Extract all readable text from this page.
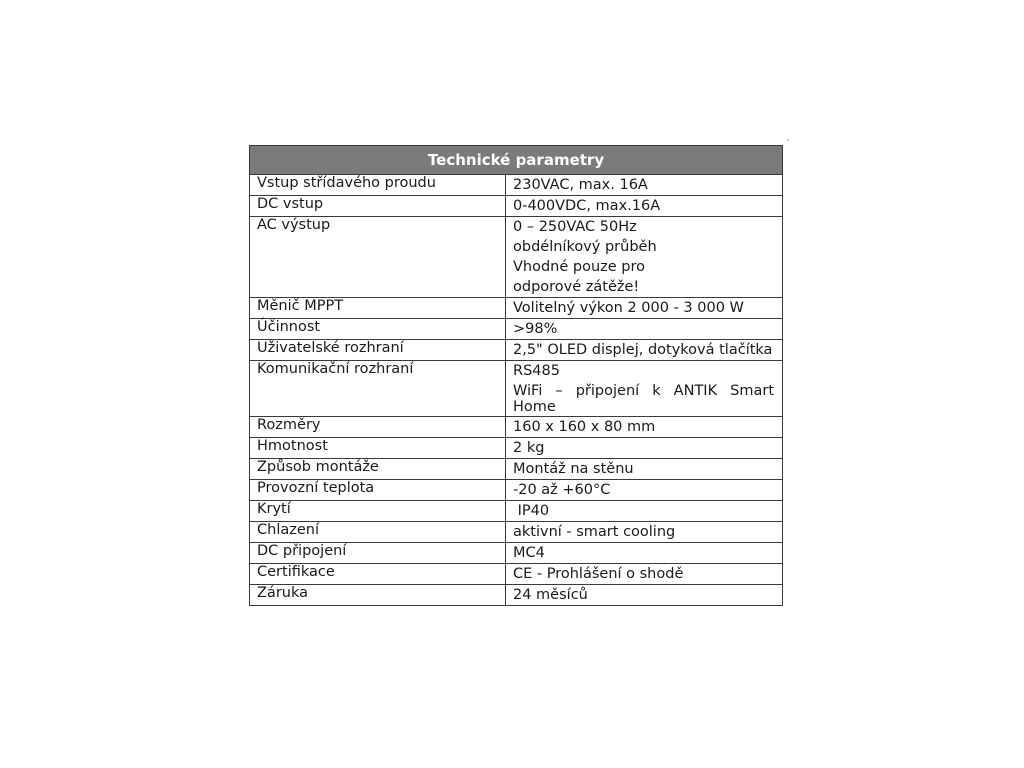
Technické parametry	
Vstup střídavého proudu	230VAC, max. 16A

DC vstup	0-400VDC, max.16A

AC výstup	0 – 250VAC 50Hz
obdélníkový průběh
Vhodné pouze pro
odporové zátěže!

Měnič MPPT	Volitelný výkon 2 000 - 3 000 W

Účinnost	>98%

Uživatelské rozhraní	2,5" OLED displej, dotyková tlačítka

Komunikační rozhraní	RS485
WiFi – připojení k ANTIK Smart Home

Rozměry	160 x 160 x 80 mm

Hmotnost	2 kg

Způsob montáže	Montáž na stěnu

Provozní teplota	-20 až +60°C

Krytí	IP40

Chlazení	aktivní - smart cooling

DC připojení	MC4

Certifikace	CE - Prohlášení o shodě

Záruka	24 měsíců
